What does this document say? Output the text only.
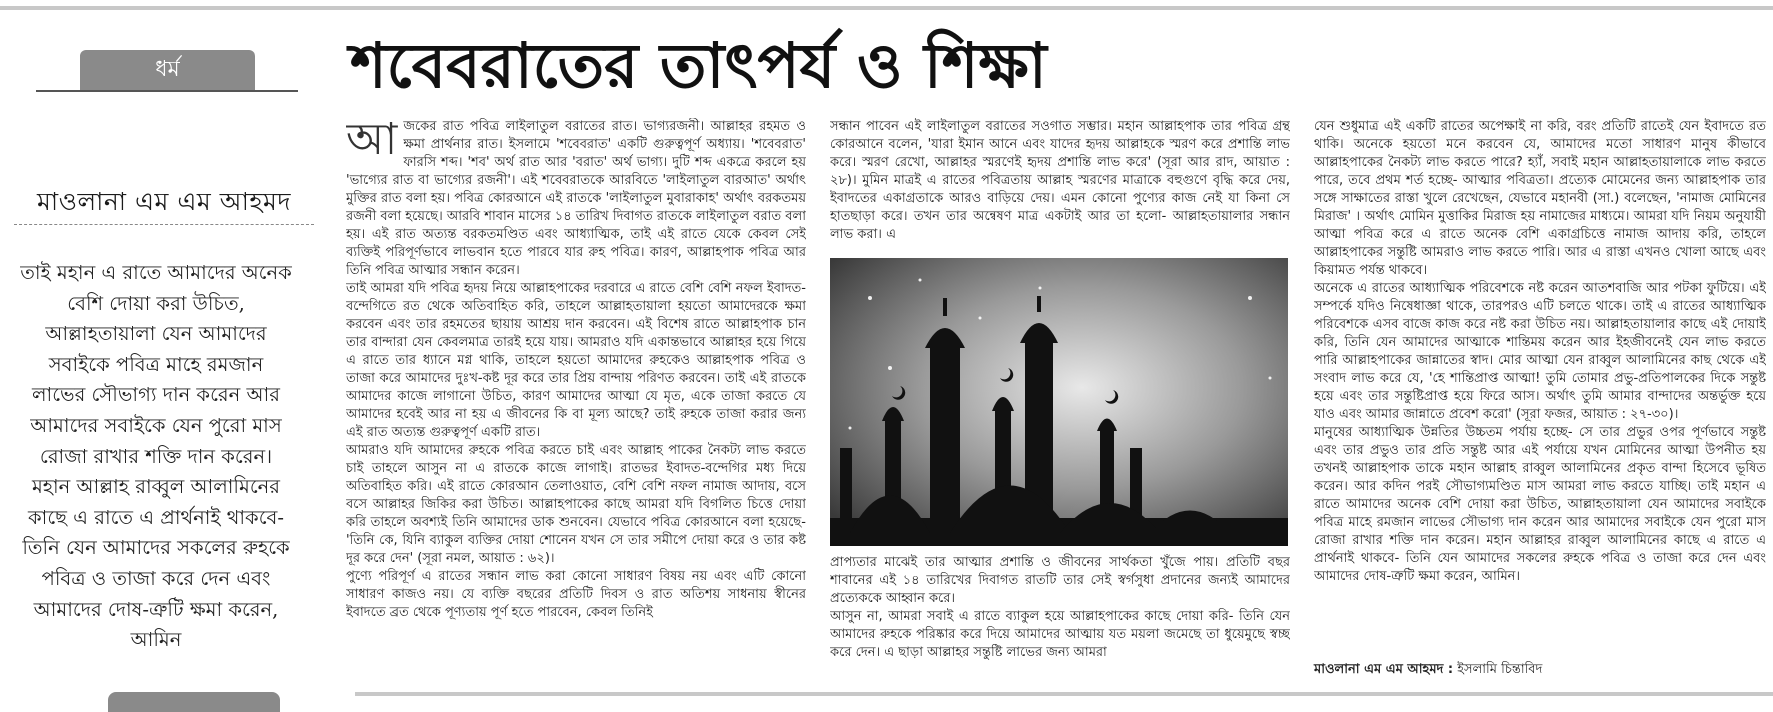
ধর্ম
মাওলানা এম এম আহমদ
তাই মহান এ রাতে আমাদের অনেক বেশি দোয়া করা উচিত, আল্লাহতায়ালা যেন আমাদের সবাইকে পবিত্র মাহে রমজান লাভের সৌভাগ্য দান করেন আর আমাদের সবাইকে যেন পুরো মাস রোজা রাখার শক্তি দান করেন। মহান আল্লাহ রাব্বুল আলামিনের কাছে এ রাতে এ প্রার্থনাই থাকবে- তিনি যেন আমাদের সকলের রুহকে পবিত্র ও তাজা করে দেন এবং আমাদের দোষ-ত্রুটি ক্ষমা করেন, আমিন
শবেবরাতের তাৎপর্য ও শিক্ষা

আজকের রাত পবিত্র লাইলাতুল বরাতের রাত। ভাগ্যরজনী। আল্লাহর রহমত ও ক্ষমা প্রার্থনার রাত। ইসলামে 'শবেবরাত' একটি গুরুত্বপূর্ণ অধ্যায়। 'শবেবরাত' ফারসি শব্দ। 'শব' অর্থ রাত আর 'বরাত' অর্থ ভাগ্য। দুটি শব্দ একত্রে করলে হয় 'ভাগ্যের রাত বা ভাগ্যের রজনী'। এই শবেবরাতকে আরবিতে 'লাইলাতুল বারআত' অর্থাৎ মুক্তির রাত বলা হয়। পবিত্র কোরআনে এই রাতকে 'লাইলাতুল মুবারাকাহ' অর্থাৎ বরকতময় রজনী বলা হয়েছে। আরবি শাবান মাসের ১৪ তারিখ দিবাগত রাতকে লাইলাতুল বরাত বলা হয়। এই রাত অত্যন্ত বরকতমণ্ডিত এবং আধ্যাত্মিক, তাই এই রাতে যেকে কেবল সেই ব্যক্তিই পরিপূর্ণভাবে লাভবান হতে পারবে যার রুহ পবিত্র। কারণ, আল্লাহপাক পবিত্র আর তিনি পবিত্র আত্মার সন্ধান করেন।

তাই আমরা যদি পবিত্র হৃদয় নিয়ে আল্লাহপাকের দরবারে এ রাতে বেশি বেশি নফল ইবাদত-বন্দেগিতে রত থেকে অতিবাহিত করি, তাহলে আল্লাহতায়ালা হয়তো আমাদেরকে ক্ষমা করবেন এবং তার রহমতের ছায়ায় আশ্রয় দান করবেন। এই বিশেষ রাতে আল্লাহপাক চান তার বান্দারা যেন কেবলমাত্র তারই হয়ে যায়। আমরাও যদি একান্তভাবে আল্লাহর হয়ে গিয়ে এ রাতে তার ধ্যানে মগ্ন থাকি, তাহলে হয়তো আমাদের রুহকেও আল্লাহপাক পবিত্র ও তাজা করে আমাদের দুঃখ-কষ্ট দূর করে তার প্রিয় বান্দায় পরিণত করবেন। তাই এই রাতকে আমাদের কাজে লাগানো উচিত, কারণ আমাদের আত্মা যে মৃত, একে তাজা করতে যে আমাদের হবেই আর না হয় এ জীবনের কি বা মূল্য আছে? তাই রুহকে তাজা করার জন্য এই রাত অত্যন্ত গুরুত্বপূর্ণ একটি রাত।

আমরাও যদি আমাদের রুহকে পবিত্র করতে চাই এবং আল্লাহ পাকের নৈকট্য লাভ করতে চাই তাহলে আসুন না এ রাতকে কাজে লাগাই। রাতভর ইবাদত-বন্দেগির মধ্য দিয়ে অতিবাহিত করি। এই রাতে কোরআন তেলাওয়াত, বেশি বেশি নফল নামাজ আদায়, বসে বসে আল্লাহর জিকির করা উচিত। আল্লাহপাকের কাছে আমরা যদি বিগলিত চিত্তে দোয়া করি তাহলে অবশ্যই তিনি আমাদের ডাক শুনবেন। যেভাবে পবিত্র কোরআনে বলা হয়েছে- 'তিনি কে, যিনি ব্যাকুল ব্যক্তির দোয়া শোনেন যখন সে তার সমীপে দোয়া করে ও তার কষ্ট দূর করে দেন' (সূরা নমল, আয়াত : ৬২)।

পুণ্যে পরিপূর্ণ এ রাতের সন্ধান লাভ করা কোনো সাধারণ বিষয় নয় এবং এটি কোনো সাধারণ কাজও নয়। যে ব্যক্তি বছরের প্রতিটি দিবস ও রাত অতিশয় সাধনায় স্বীনের ইবাদতে ব্রত থেকে পূণ্যতায় পূর্ণ হতে পারবেন, কেবল তিনিই

সন্ধান পাবেন এই লাইলাতুল বরাতের সওগাত সম্ভার। মহান আল্লাহপাক তার পবিত্র গ্রন্থ কোরআনে বলেন, 'যারা ইমান আনে এবং যাদের হৃদয় আল্লাহকে স্মরণ করে প্রশান্তি লাভ করে। স্মরণ রেখো, আল্লাহর স্মরণেই হৃদয় প্রশান্তি লাভ করে' (সূরা আর রাদ, আয়াত : ২৮)। মুমিন মাত্রই এ রাতের পবিত্রতায় আল্লাহ স্মরণের মাত্রাকে বহুগুণে বৃদ্ধি করে দেয়, ইবাদতের একাগ্রতাকে আরও বাড়িয়ে দেয়। এমন কোনো পুণ্যের কাজ নেই যা কিনা সে হাতছাড়া করে। তখন তার অন্বেষণ মাত্র একটাই আর তা হলো- আল্লাহতায়ালার সন্ধান লাভ করা। এ

প্রাপ্যতার মাঝেই তার আত্মার প্রশান্তি ও জীবনের সার্থকতা খুঁজে পায়। প্রতিটি বছর শাবানের এই ১৪ তারিখের দিবাগত রাতটি তার সেই স্বর্গসুধা প্রদানের জন্যই আমাদের প্রত্যেককে আহ্বান করে।

আসুন না, আমরা সবাই এ রাতে ব্যাকুল হয়ে আল্লাহপাকের কাছে দোয়া করি- তিনি যেন আমাদের রুহকে পরিষ্কার করে দিয়ে আমাদের আত্মায় যত ময়লা জমেছে তা ধুয়েমুছে স্বচ্ছ করে দেন। এ ছাড়া আল্লাহর সন্তুষ্টি লাভের জন্য আমরা

যেন শুধুমাত্র এই একটি রাতের অপেক্ষাই না করি, বরং প্রতিটি রাতেই যেন ইবাদতে রত থাকি। অনেকে হয়তো মনে করবেন যে, আমাদের মতো সাধারণ মানুষ কীভাবে আল্লাহপাকের নৈকট্য লাভ করতে পারে? হ্যাঁ, সবাই মহান আল্লাহতায়ালাকে লাভ করতে পারে, তবে প্রথম শর্ত হচ্ছে- আত্মার পবিত্রতা। প্রত্যেক মোমেনের জন্য আল্লাহপাক তার সঙ্গে সাক্ষাতের রাস্তা খুলে রেখেছেন, যেভাবে মহানবী (সা.) বলেছেন, 'নামাজ মোমিনের মিরাজ' । অর্থাৎ মোমিন মুত্তাকির মিরাজ হয় নামাজের মাধ্যমে। আমরা যদি নিয়ম অনুযায়ী আত্মা পবিত্র করে এ রাতে অনেক বেশি একাগ্রচিত্তে নামাজ আদায় করি, তাহলে আল্লাহপাকের সন্তুষ্টি আমরাও লাভ করতে পারি। আর এ রাস্তা এখনও খোলা আছে এবং কিয়ামত পর্যন্ত থাকবে।

অনেকে এ রাতের আধ্যাত্মিক পরিবেশকে নষ্ট করেন আতশবাজি আর পটকা ফুটিয়ে। এই সম্পর্কে যদিও নিষেধাজ্ঞা থাকে, তারপরও এটি চলতে থাকে। তাই এ রাতের আধ্যাত্মিক পরিবেশকে এসব বাজে কাজ করে নষ্ট করা উচিত নয়। আল্লাহতায়ালার কাছে এই দোয়াই করি, তিনি যেন আমাদের আত্মাকে শান্তিময় করেন আর ইহজীবনেই যেন লাভ করতে পারি আল্লাহপাকের জান্নাতের স্বাদ। মোর আত্মা যেন রাব্বুল আলামিনের কাছ থেকে এই সংবাদ লাভ করে যে, 'হে শান্তিপ্রাপ্ত আত্মা! তুমি তোমার প্রভু-প্রতিপালকের দিকে সন্তুষ্ট হয়ে এবং তার সন্তুষ্টিপ্রাপ্ত হয়ে ফিরে আস। অর্থাৎ তুমি আমার বান্দাদের অন্তর্ভুক্ত হয়ে যাও এবং আমার জান্নাতে প্রবেশ করো' (সূরা ফজর, আয়াত : ২৭-৩০)।

মানুষের আধ্যাত্মিক উন্নতির উচ্চতম পর্যায় হচ্ছে- সে তার প্রভুর ওপর পূর্ণভাবে সন্তুষ্ট এবং তার প্রভুও তার প্রতি সন্তুষ্ট আর এই পর্যায়ে যখন মোমিনের আত্মা উপনীত হয় তখনই আল্লাহপাক তাকে মহান আল্লাহ রাব্বুল আলামিনের প্রকৃত বান্দা হিসেবে ভূষিত করেন। আর কদিন পরই সৌভাগ্যমণ্ডিত মাস আমরা লাভ করতে যাচ্ছি। তাই মহান এ রাতে আমাদের অনেক বেশি দোয়া করা উচিত, আল্লাহতায়ালা যেন আমাদের সবাইকে পবিত্র মাহে রমজান লাভের সৌভাগ্য দান করেন আর আমাদের সবাইকে যেন পুরো মাস রোজা রাখার শক্তি দান করেন। মহান আল্লাহর রাব্বুল আলামিনের কাছে এ রাতে এ প্রার্থনাই থাকবে- তিনি যেন আমাদের সকলের রুহকে পবিত্র ও তাজা করে দেন এবং আমাদের দোষ-ত্রুটি ক্ষমা করেন, আমিন।

মাওলানা এম এম আহমদ : ইসলামি চিন্তাবিদ
